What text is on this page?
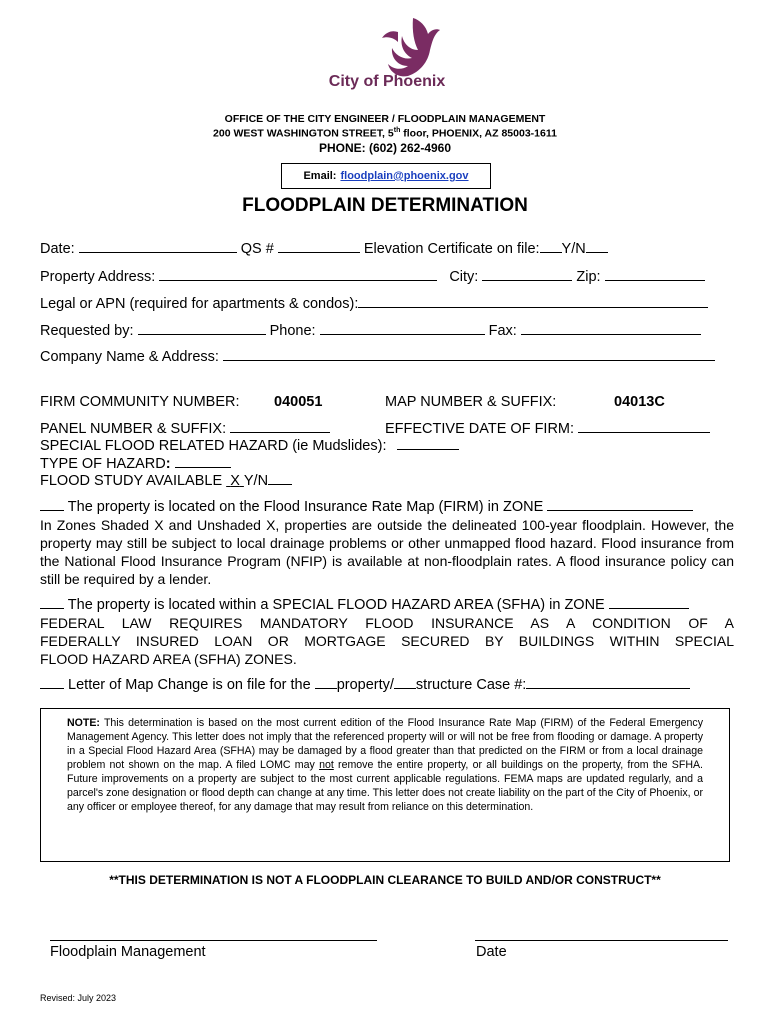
City of Phoenix
OFFICE OF THE CITY ENGINEER / FLOODPLAIN MANAGEMENT
200 WEST WASHINGTON STREET, 5th floor, PHOENIX, AZ 85003-1611
PHONE: (602) 262-4960
Email: floodplain@phoenix.gov
FLOODPLAIN DETERMINATION
Date:	QS #	Elevation Certificate on file: Y/N
Property Address:	City:	Zip:
Legal or APN (required for apartments & condos):
Requested by:	Phone:	Fax:
Company Name & Address:
FIRM COMMUNITY NUMBER: 040051	MAP NUMBER & SUFFIX:	04013C
PANEL NUMBER & SUFFIX:	EFFECTIVE DATE OF FIRM:
SPECIAL FLOOD RELATED HAZARD (ie Mudslides):
TYPE OF HAZARD:
FLOOD STUDY AVAILABLE X Y/N
The property is located on the Flood Insurance Rate Map (FIRM) in ZONE
In Zones Shaded X and Unshaded X, properties are outside the delineated 100-year floodplain. However, the property may still be subject to local drainage problems or other unmapped flood hazard. Flood insurance from the National Flood Insurance Program (NFIP) is available at non-floodplain rates. A flood insurance policy can still be required by a lender.
The property is located within a SPECIAL FLOOD HAZARD AREA (SFHA) in ZONE
FEDERAL LAW REQUIRES MANDATORY FLOOD INSURANCE AS A CONDITION OF A
FEDERALLY INSURED LOAN OR MORTGAGE SECURED BY BUILDINGS WITHIN SPECIAL
FLOOD HAZARD AREA (SFHA) ZONES.
Letter of Map Change is on file for the property/ structure Case #:
NOTE: This determination is based on the most current edition of the Flood Insurance Rate Map (FIRM) of the Federal Emergency Management Agency. This letter does not imply that the referenced property will or will not be free from flooding or damage. A property in a Special Flood Hazard Area (SFHA) may be damaged by a flood greater than that predicted on the FIRM or from a local drainage problem not shown on the map. A filed LOMC may not remove the entire property, or all buildings on the property, from the SFHA. Future improvements on a property are subject to the most current applicable regulations. FEMA maps are updated regularly, and a parcel's zone designation or flood depth can change at any time. This letter does not create liability on the part of the City of Phoenix, or any officer or employee thereof, for any damage that may result from reliance on this determination.
**THIS DETERMINATION IS NOT A FLOODPLAIN CLEARANCE TO BUILD AND/OR CONSTRUCT**
Floodplain Management	Date
Revised: July 2023
